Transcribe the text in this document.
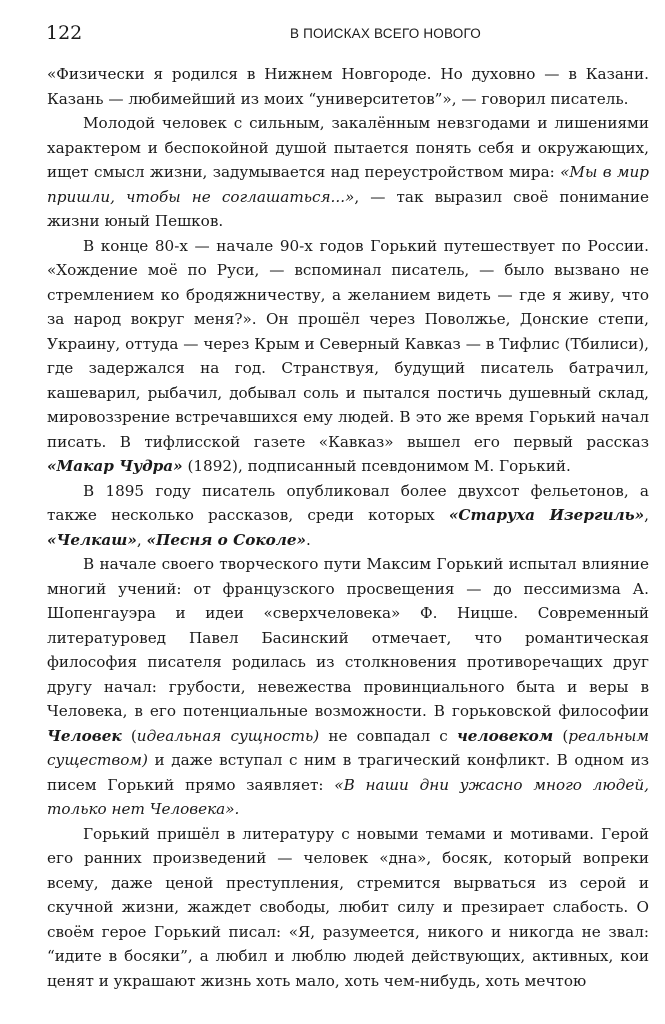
122	В ПОИСКАХ ВСЕГО НОВОГО

«Физически я родился в Нижнем Новгороде. Но духовно — в Казани. Казань — любимейший из моих “университетов”», — говорил писатель.

Молодой человек с сильным, закалённым невзгодами и лишениями характером и беспокойной душой пытается понять себя и окружающих, ищет смысл жизни, задумывается над переустройством мира: «Мы в мир пришли, чтобы не соглашаться...», — так выразил своё понимание жизни юный Пешков.

В конце 80-х — начале 90-х годов Горький путешествует по России. «Хождение моё по Руси, — вспоминал писатель, — было вызвано не стремлением ко бродяжничеству, а желанием видеть — где я живу, что за народ вокруг меня?». Он прошёл через Поволжье, Донские степи, Украину, оттуда — через Крым и Северный Кавказ — в Тифлис (Тбилиси), где задержался на год. Странствуя, будущий писатель батрачил, кашеварил, рыбачил, добывал соль и пытался постичь душевный склад, мировоззрение встречавшихся ему людей. В это же время Горький начал писать. В тифлисской газете «Кавказ» вышел его первый рассказ «Макар Чудра» (1892), подписанный псевдонимом М. Горький.

В 1895 году писатель опубликовал более двухсот фельетонов, а также несколько рассказов, среди которых «Старуха Изергиль», «Челкаш», «Песня о Соколе».

В начале своего творческого пути Максим Горький испытал влияние многий учений: от французского просвещения — до пессимизма А. Шопенгауэра и идеи «сверхчеловека» Ф. Ницше. Современный литературовед Павел Басинский отмечает, что романтическая философия писателя родилась из столкновения противоречащих друг другу начал: грубости, невежества провинциального быта и веры в Человека, в его потенциальные возможности. В горьковской философии Человек (идеальная сущность) не совпадал с человеком (реальным существом) и даже вступал с ним в трагический конфликт. В одном из писем Горький прямо заявляет: «В наши дни ужасно много людей, только нет Человека».

Горький пришёл в литературу с новыми темами и мотивами. Герой его ранних произведений — человек «дна», босяк, который вопреки всему, даже ценой преступления, стремится вырваться из серой и скучной жизни, жаждет свободы, любит силу и презирает слабость. О своём герое Горький писал: «Я, разумеется, никого и никогда не звал: “идите в босяки”, а любил и люблю людей действующих, активных, кои ценят и украшают жизнь хоть мало, хоть чем-нибудь, хоть мечтою
